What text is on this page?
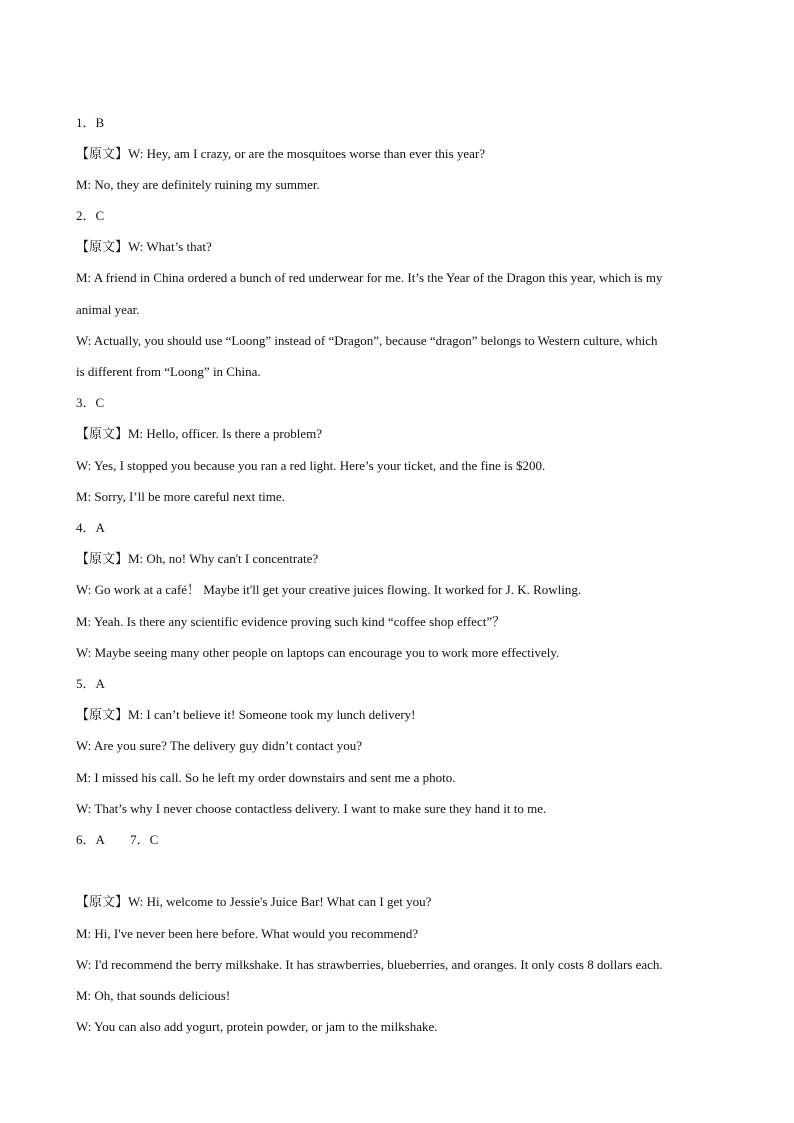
1．B
【原文】W: Hey, am I crazy, or are the mosquitoes worse than ever this year?
M: No, they are definitely ruining my summer.
2．C
【原文】W: What’s that?
M: A friend in China ordered a bunch of red underwear for me. It’s the Year of the Dragon this year, which is my
animal year.
W: Actually, you should use “Loong” instead of “Dragon”, because “dragon” belongs to Western culture, which
is different from “Loong” in China.
3．C
【原文】M: Hello, officer. Is there a problem?
W: Yes, I stopped you because you ran a red light. Here’s your ticket, and the fine is $200.
M: Sorry, I’ll be more careful next time.
4．A
【原文】M: Oh, no! Why can't I concentrate?
W: Go work at a café！ Maybe it'll get your creative juices flowing. It worked for J. K. Rowling.
M: Yeah. Is there any scientific evidence proving such kind “coffee shop effect”？
W: Maybe seeing many other people on laptops can encourage you to work more effectively.
5．A
【原文】M: I can’t believe it! Someone took my lunch delivery!
W: Are you sure? The delivery guy didn’t contact you?
M: I missed his call. So he left my order downstairs and sent me a photo.
W: That’s why I never choose contactless delivery. I want to make sure they hand it to me.
6．A　　7．C
【原文】W: Hi, welcome to Jessie's Juice Bar! What can I get you?
M: Hi, I've never been here before. What would you recommend?
W: I'd recommend the berry milkshake. It has strawberries, blueberries, and oranges. It only costs 8 dollars each.
M: Oh, that sounds delicious!
W: You can also add yogurt, protein powder, or jam to the milkshake.
